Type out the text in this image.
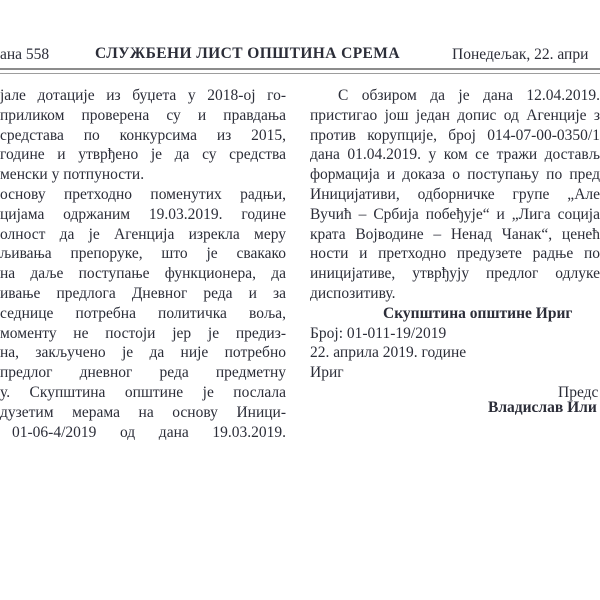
ана 558	СЛУЖБЕНИ ЛИСТ ОПШТИНА СРЕМА	Понедељак, 22. апри
јале дотације из буџета у 2018-ој го-
приликом проверена су и правдања
средстава по конкурсима из 2015,
године и утврђено је да су средства
менски у потпуности.
основу претходно поменутих радњи,
цијама одржаним 19.03.2019. године
олност да је Агенција изрекла меру
љивања препоруке, што је свакако
на даље поступање функционера, да
ивање предлога Дневног реда и за
седнице потребна политичка воља,
моменту не постоји јер је предиз-
на, закључено је да није потребно
предлог дневног реда предметну
у. Скупштина општине је послала
дузетим мерама на основу Иници-
01-06-4/2019 од дана 19.03.2019.
С обзиром да је дана 12.04.2019.
пристигао још један допис од Агенције з
против корупције, број 014-07-00-0350/1
дана 01.04.2019. у ком се тражи достављ
формација и доказа о поступању по пред
Иницијативи, одборничке групе „Але
Вучић – Србија побеђује“ и „Лига соција
крата Војводине – Ненад Чанак“, ценећ
ности и претходно предузете радње по
иницијативе, утврђују предлог одлуке
диспозитиву.
Скупштина општине Ириг
Број: 01-011-19/2019
22. априла 2019. године
Ириг
Предс
Владислав Или
